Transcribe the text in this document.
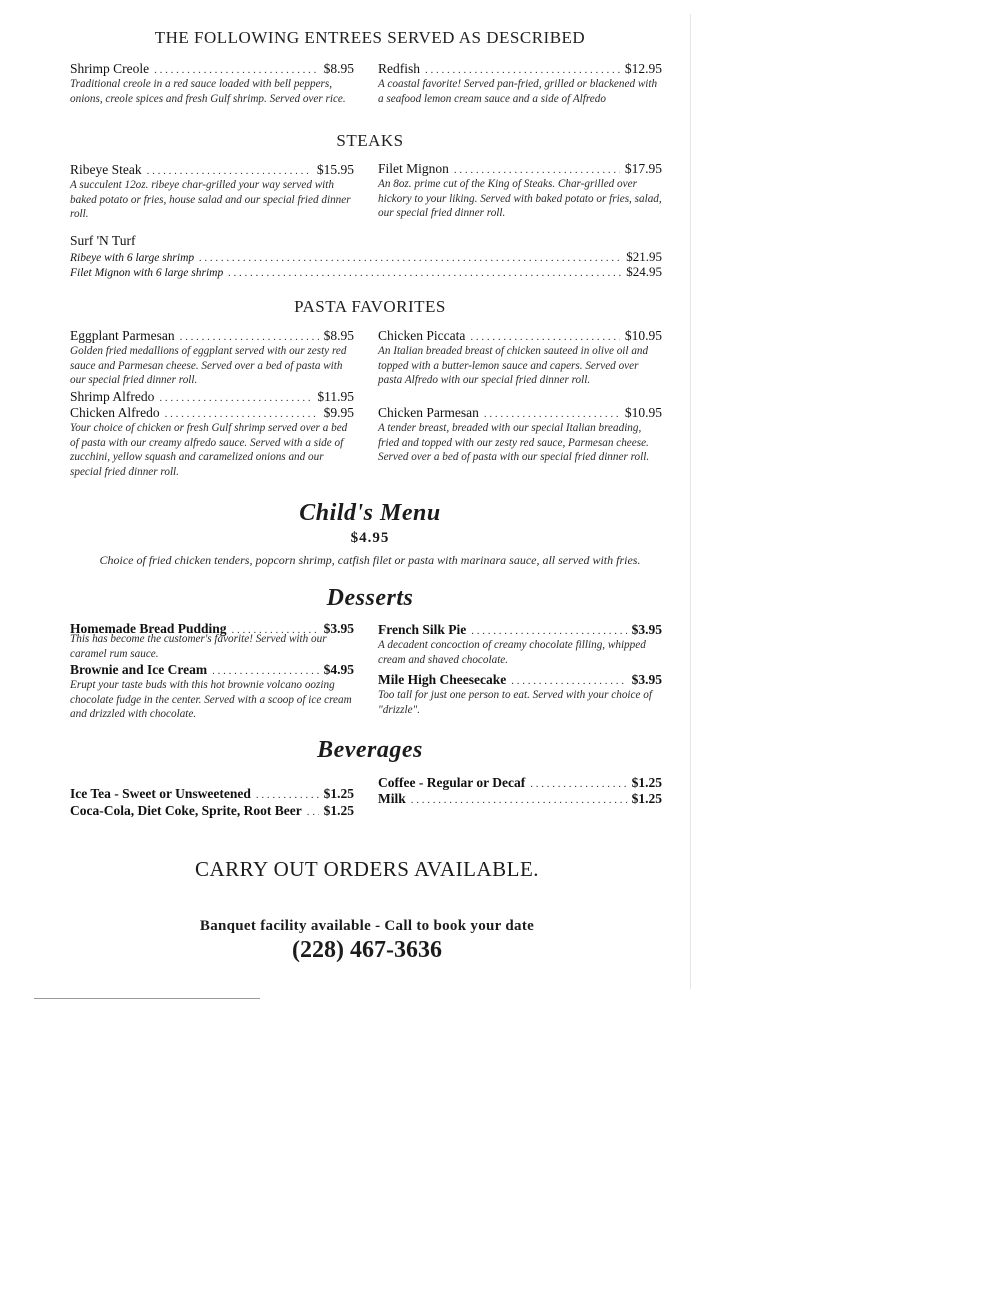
THE FOLLOWING ENTREES SERVED AS DESCRIBED
Shrimp Creole . . .	$8.95
Traditional creole in a red sauce loaded with bell peppers, onions, creole spices and fresh Gulf shrimp. Served over rice.
Redfish . . .	$12.95
A coastal favorite! Served pan-fried, grilled or blackened with a seafood lemon cream sauce and a side of Alfredo
STEAKS
Ribeye Steak . . .	$15.95
A succulent 12oz. ribeye char-grilled your way served with baked potato or fries, house salad and our special fried dinner roll.
Filet Mignon . . .	$17.95
An 8oz. prime cut of the King of Steaks. Char-grilled over hickory to your liking. Served with baked potato or fries, salad, our special fried dinner roll.
Surf 'N Turf
Ribeye with 6 large shrimp . . .	$21.95
Filet Mignon with 6 large shrimp . . .	$24.95
PASTA FAVORITES
Eggplant Parmesan . . .	$8.95
Golden fried medallions of eggplant served with our zesty red sauce and Parmesan cheese. Served over a bed of pasta with our special fried dinner roll.
Shrimp Alfredo . . .	$11.95
Chicken Alfredo . . .	$9.95
Your choice of chicken or fresh Gulf shrimp served over a bed of pasta with our creamy alfredo sauce. Served with a side of zucchini, yellow squash and caramelized onions and our special fried dinner roll.
Chicken Piccata . . .	$10.95
An Italian breaded breast of chicken sauteed in olive oil and topped with a butter-lemon sauce and capers. Served over pasta Alfredo with our special fried dinner roll.
Chicken Parmesan . . .	$10.95
A tender breast, breaded with our special Italian breading, fried and topped with our zesty red sauce, Parmesan cheese. Served over a bed of pasta with our special fried dinner roll.
Child's Menu
$4.95
Choice of fried chicken tenders, popcorn shrimp, catfish filet or pasta with marinara sauce, all served with fries.
Desserts
Homemade Bread Pudding . . .	$3.95
This has become the customer's favorite! Served with our caramel rum sauce.
Brownie and Ice Cream . . .	$4.95
Erupt your taste buds with this hot brownie volcano oozing chocolate fudge in the center. Served with a scoop of ice cream and drizzled with chocolate.
French Silk Pie . . .	$3.95
A decadent concoction of creamy chocolate filling, whipped cream and shaved chocolate.
Mile High Cheesecake . . .	$3.95
Too tall for just one person to eat. Served with your choice of "drizzle".
Beverages
Ice Tea - Sweet or Unsweetened . . .	$1.25
Coca-Cola, Diet Coke, Sprite, Root Beer . . . $1.25
Coffee - Regular or Decaf . . .	$1.25
Milk . . .	$1.25
CARRY OUT ORDERS AVAILABLE.
Banquet facility available - Call to book your date
(228) 467-3636
